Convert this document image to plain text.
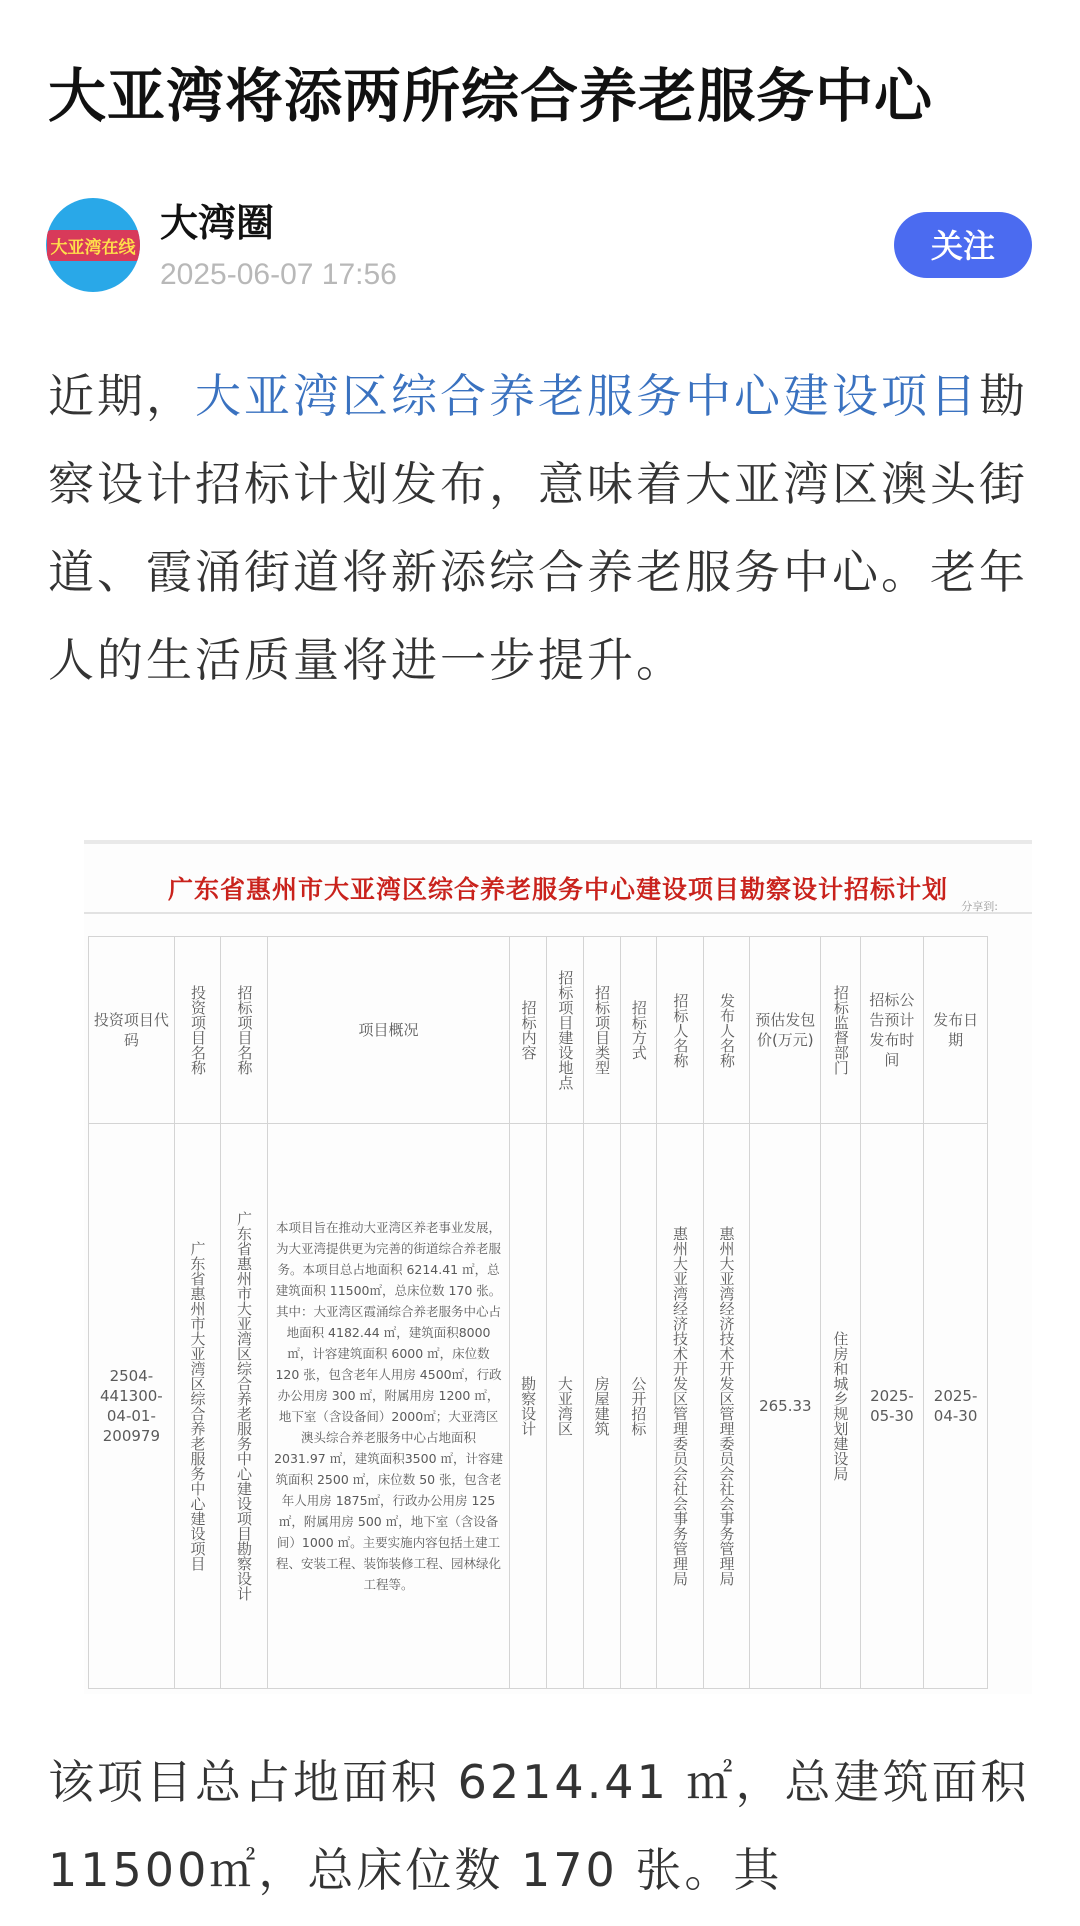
大亚湾将添两所综合养老服务中心
大亚湾在线
大湾圈
2025-06-07 17:56
关注
近期，大亚湾区综合养老服务中心建设项目勘察设计招标计划发布，意味着大亚湾区澳头街道、霞涌街道将新添综合养老服务中心。老年人的生活质量将进一步提升。
广东省惠州市大亚湾区综合养老服务中心建设项目勘察设计招标计划
分享到:
投资项目代码	投资项目名称	招标项目名称	项目概况	招标内容	招标项目建设地点	招标项目类型	招标方式	招标人名称	发布人名称	预估发包价(万元)	招标监督部门	招标公告预计发布时间	发布日期

2504-441300-04-01-200979	广东省惠州市大亚湾区综合养老服务中心建设项目	广东省惠州市大亚湾区综合养老服务中心建设项目勘察设计	本项目旨在推动大亚湾区养老事业发展，为大亚湾提供更为完善的街道综合养老服务。本项目总占地面积 6214.41 ㎡，总建筑面积 11500㎡，总床位数 170 张。其中：大亚湾区霞涌综合养老服务中心占地面积 4182.44 ㎡，建筑面积8000 ㎡，计容建筑面积 6000 ㎡，床位数 120 张，包含老年人用房 4500㎡，行政办公用房 300 ㎡，附属用房 1200 ㎡，地下室（含设备间）2000㎡；大亚湾区澳头综合养老服务中心占地面积 2031.97 ㎡，建筑面积3500 ㎡，计容建筑面积 2500 ㎡，床位数 50 张，包含老年人用房 1875㎡，行政办公用房 125 ㎡，附属用房 500 ㎡，地下室（含设备间）1000 ㎡。主要实施内容包括土建工程、安装工程、装饰装修工程、园林绿化工程等。	勘察设计	大亚湾区	房屋建筑	公开招标	惠州大亚湾经济技术开发区管理委员会社会事务管理局	惠州大亚湾经济技术开发区管理委员会社会事务管理局	265.33	住房和城乡规划建设局	2025-05-30	2025-04-30
该项目总占地面积 6214.41 ㎡，总建筑面积 11500㎡，总床位数 170 张。其
